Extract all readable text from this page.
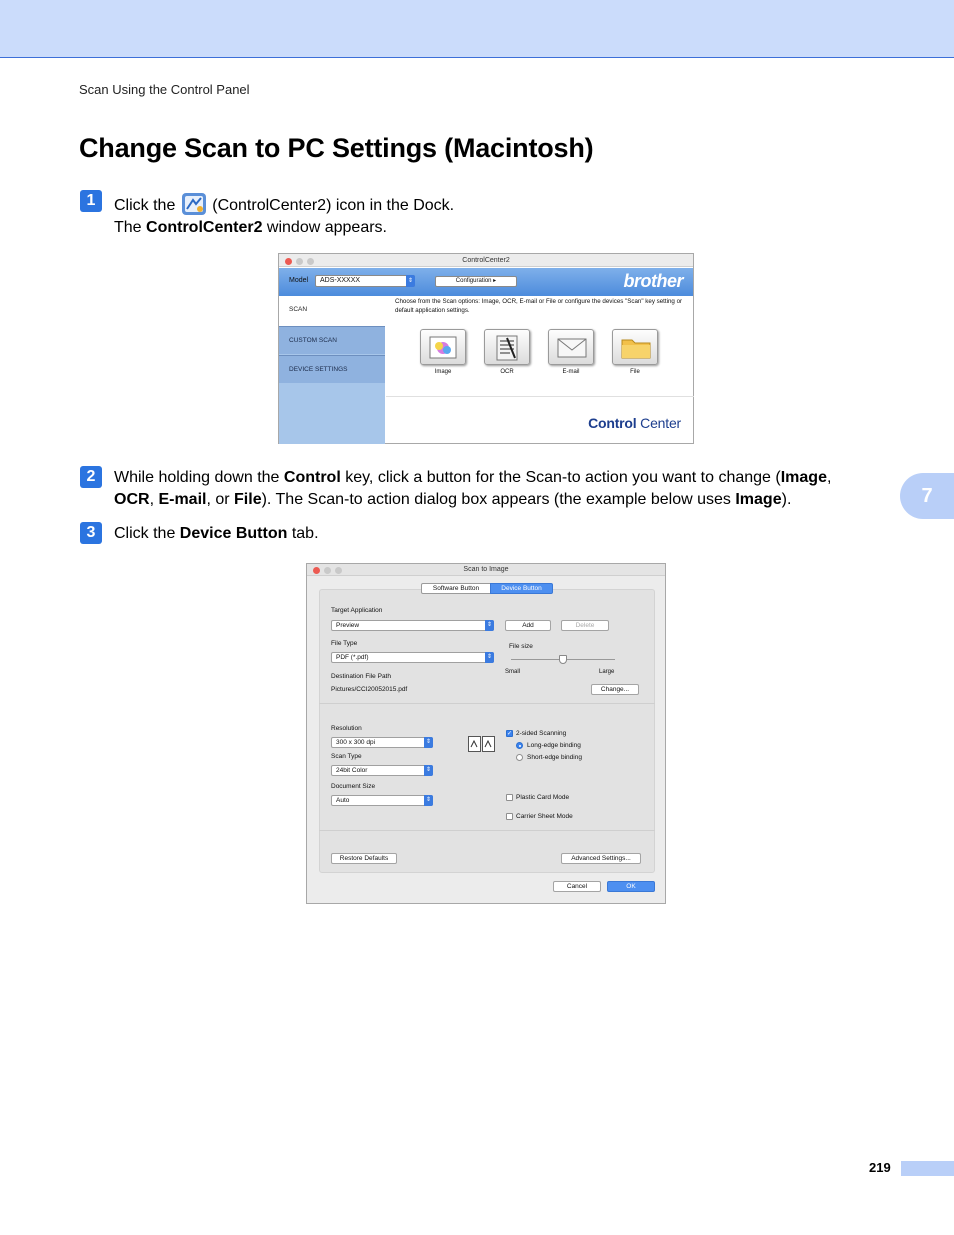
Scan Using the Control Panel
Change Scan to PC Settings (Macintosh)
1	Click the  (ControlCenter2) icon in the Dock.
The ControlCenter2 window appears.
ControlCenter2
Model	ADS-XXXXX	⇕	Configuration ▸	brother
SCAN
CUSTOM SCAN
DEVICE SETTINGS
Choose from the Scan options: Image, OCR, E-mail or File or configure the devices "Scan" key setting or default application settings.
Image	OCR	E-mail	File
Control Center
2	While holding down the Control key, click a button for the Scan-to action you want to change (Image,
OCR, E-mail, or File). The Scan-to action dialog box appears (the example below uses Image).
3	Click the Device Button tab.
Scan to Image
Software Button	Device Button
Target Application
Preview	⇕	Add	Delete
File Type
PDF (*.pdf)	⇕
File size
Small	Large
Destination File Path
Pictures/CCI20052015.pdf	Change...
Resolution
300 x 300 dpi	⇕
Scan Type
24bit Color	⇕
Document Size
Auto	⇕
✓ 2-sided Scanning
Long-edge binding
Short-edge binding
Plastic Card Mode
Carrier Sheet Mode
Restore Defaults	Advanced Settings...
Cancel	OK
7
219
